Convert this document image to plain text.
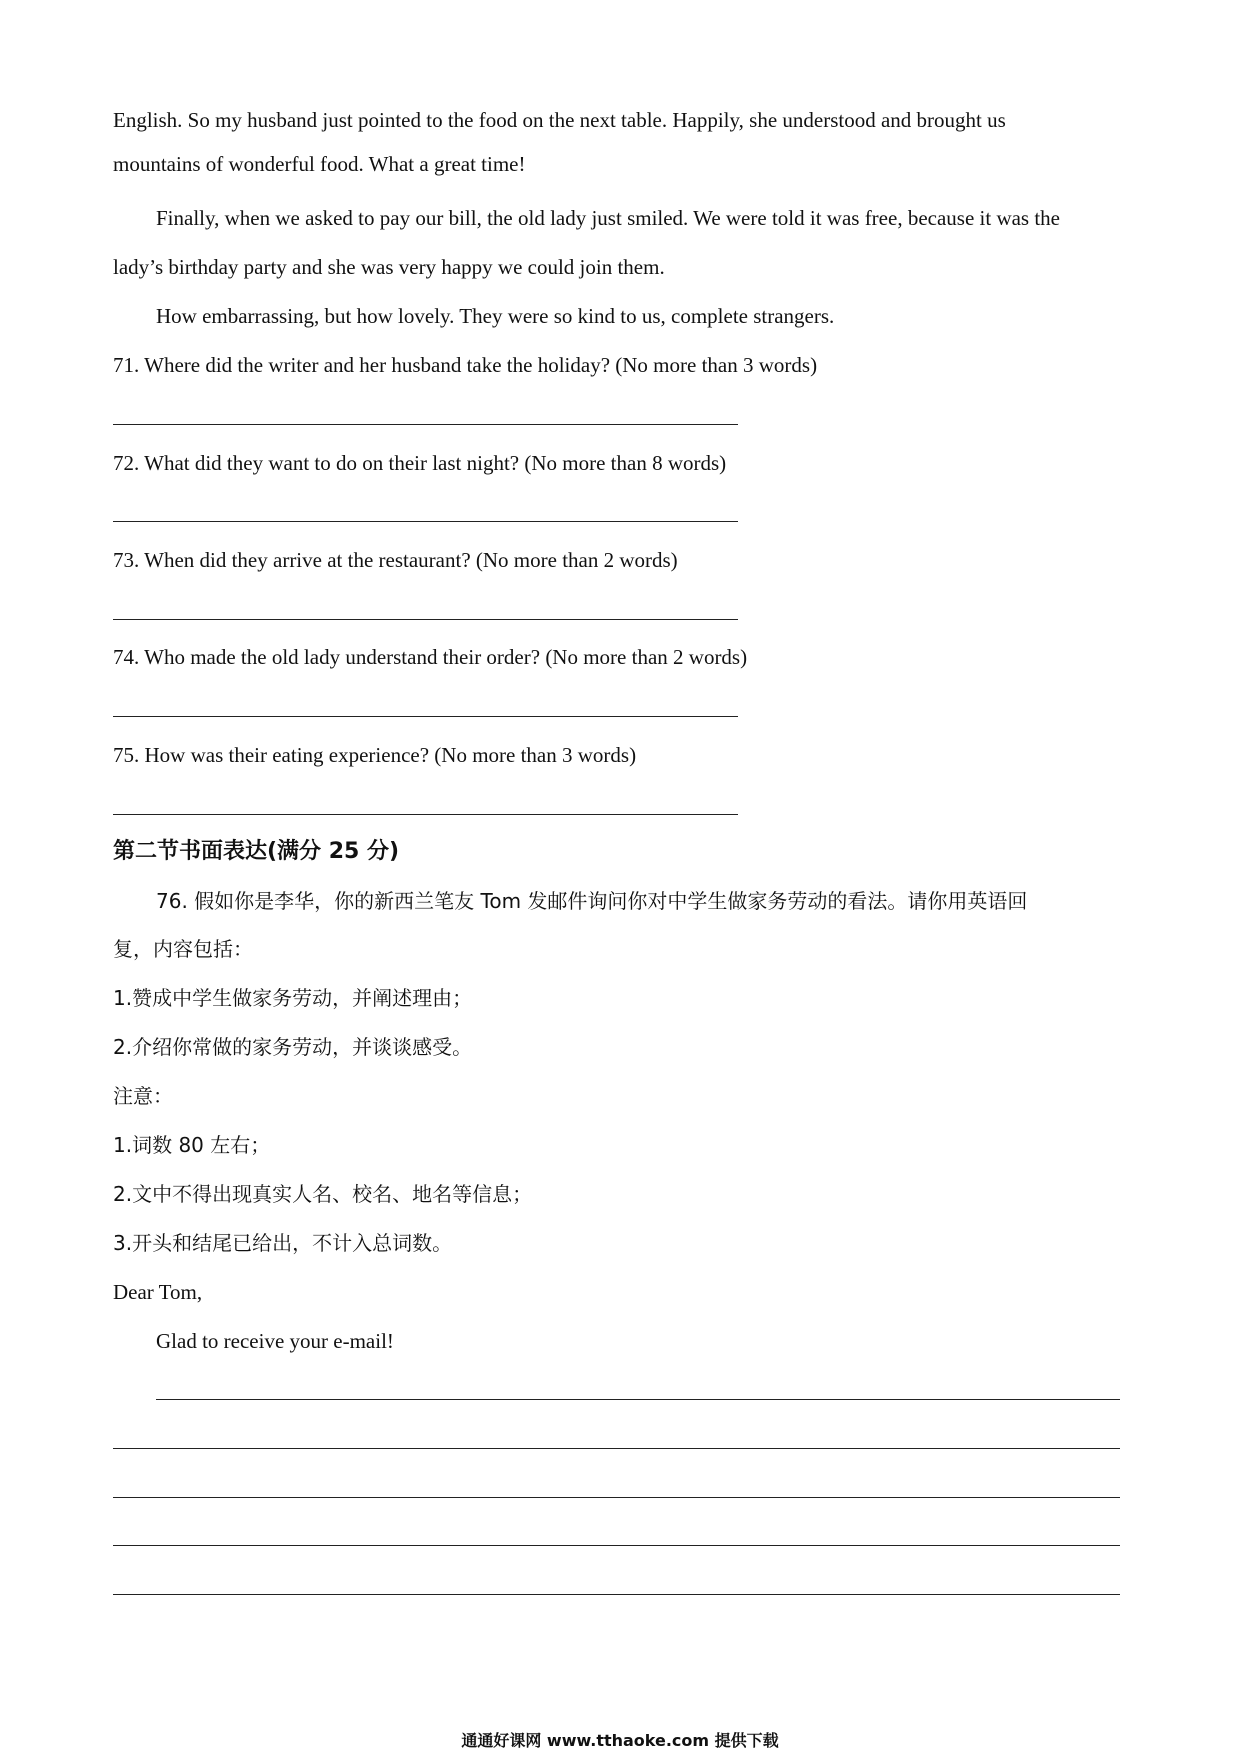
English. So my husband just pointed to the food on the next table. Happily, she understood and brought us
mountains of wonderful food. What a great time!
Finally, when we asked to pay our bill, the old lady just smiled. We were told it was free, because it was the
lady’s birthday party and she was very happy we could join them.
How embarrassing, but how lovely. They were so kind to us, complete strangers.
71. Where did the writer and her husband take the holiday? (No more than 3 words)
72. What did they want to do on their last night? (No more than 8 words)
73. When did they arrive at the restaurant? (No more than 2 words)
74. Who made the old lady understand their order? (No more than 2 words)
75. How was their eating experience? (No more than 3 words)
第二节书面表达(满分 25 分)
76. 假如你是李华，你的新西兰笔友 Tom 发邮件询问你对中学生做家务劳动的看法。请你用英语回
复，内容包括：
1.赞成中学生做家务劳动，并阐述理由；
2.介绍你常做的家务劳动，并谈谈感受。
注意：
1.词数 80 左右；
2.文中不得出现真实人名、校名、地名等信息；
3.开头和结尾已给出，不计入总词数。
Dear Tom,
Glad to receive your e-mail!
通通好课网 www.tthaoke.com 提供下载
